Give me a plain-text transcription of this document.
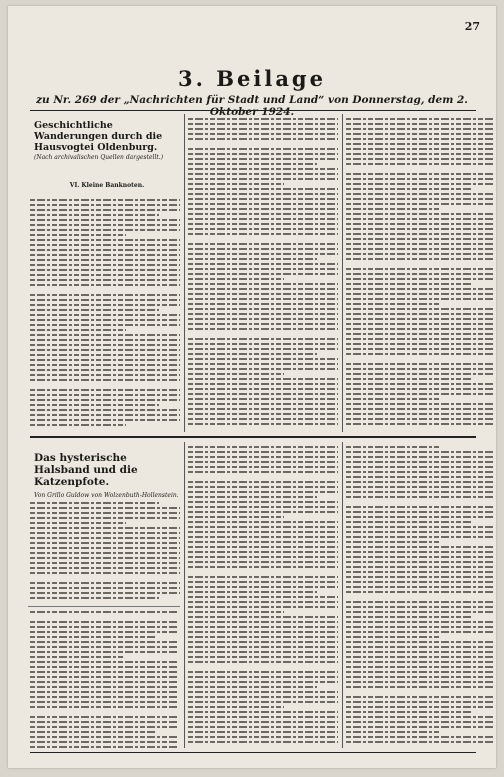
27
3. Beilage
zu Nr. 269 der „Nachrichten für Stadt und Land“ von Donnerstag, dem 2. Oktober 1924.
Geschichtliche Wanderungen durch die Hausvogtei Oldenburg.
(Nach archivalischen Quellen dargestellt.)
VI. Kleine Banknoten.
Das hysterische Halsband und die Katzenpfote.
Von Grillo Guldow von Wolzenbuth-Hollenstein.
